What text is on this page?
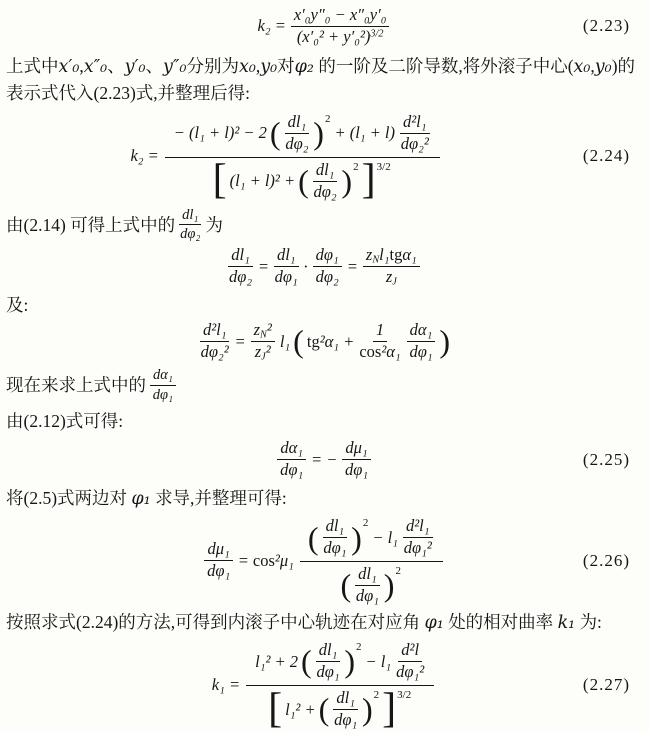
$k_2 = \frac{\text{x′₀y″₀ − x″₀y′₀}}{(x'_0^2 + y'_0^2)^{3/2}}$	(2.23)

上式中x′₀,x″₀、y′₀、y″₀分别为x₀,y₀对φ₂ 的一阶及二阶导数,将外滚子中心(x₀,y₀)的表示式代入(2.23)式,并整理后得:

k₂ =
− (l₁ + l)² − 2 ( $\frac{\text{dl₁}}{\text{dφ₂}}$ ) 2
+ $(l_1 + l) \frac{\text{d²l₁}}{\text{dφ₂²}}$
[ (l₁ + l)² + ( $\frac{\text{dl₁}}{\text{dφ₂}}$ ) 2 ] 3/2
(2.24)

由(2.14) 可得上式中的 $\frac{\text{dl₁}}{\text{dφ₂}}$ 为

$\frac{\text{dl₁}}{\text{dφ₂}} = \frac{\text{dl₁}}{\text{dφ₁}} \cdot \frac{\text{dφ₁}}{\text{dφ₂}} = \frac{z_Nl_1tg\alpha_1}{z_J}$

及:

$\frac{\text{d²l₁}}{\text{dφ₂²}} = \frac{z_N^2}{z_J^2} l_1$ ( $tg^2\alpha_1 + \frac{1}{\text{cos²α₁}} \frac{\text{dα₁}}{\text{dφ₁}}$ )

现在来求上式中的 $\frac{\text{dα₁}}{\text{dφ₁}}$

由(2.12)式可得:

$\frac{\text{dα₁}}{\text{dφ₁}}$ = − $\frac{\text{dμ₁}}{\text{dφ₁}}$	(2.25)

将(2.5)式两边对 φ₁ 求导,并整理可得:

$\frac{\text{dμ₁}}{\text{dφ₁}} = \cos^2\mu_1$
( $\frac{\text{dl₁}}{\text{dφ₁}}$ ) 2
− $l_1 \frac{\text{d²l₁}}{\text{dφ₁²}}$
( $\frac{\text{dl₁}}{\text{dφ₁}}$ ) 2
(2.26)

按照求式(2.24)的方法,可得到内滚子中心轨迹在对应角 φ₁ 处的相对曲率 k₁ 为:

k₁ =
l₁² + 2 ( $\frac{\text{dl₁}}{\text{dφ₁}}$ ) 2
− $l_1 \frac{\text{d²l}}{\text{dφ₁²}}$
[ l₁² + ( $\frac{\text{dl₁}}{\text{dφ₁}}$ ) 2 ] 3/2
(2.27)
